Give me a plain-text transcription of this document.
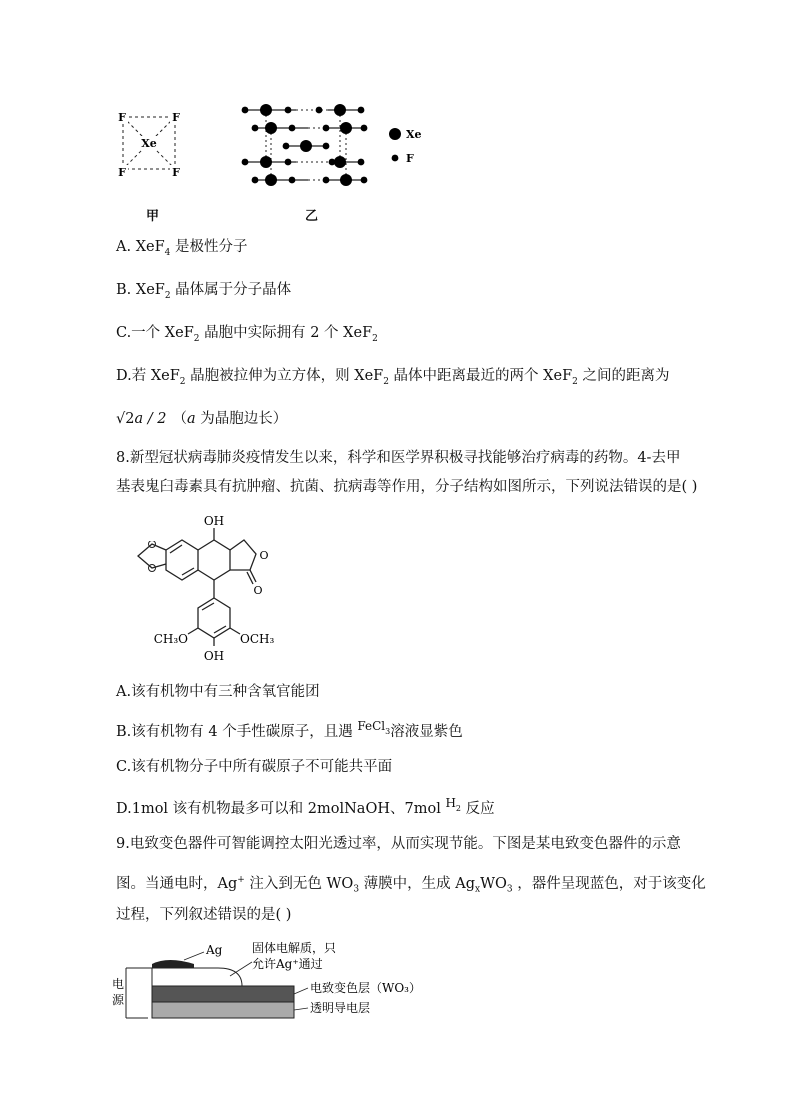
Xe
F	F
F	F
甲
Xe
F
乙
A. XeF$_4$ 是极性分子
B. XeF$_2$ 晶体属于分子晶体
C.一个 XeF$_2$ 晶胞中实际拥有 2 个 XeF$_2$
D.若 XeF$_2$ 晶胞被拉伸为立方体，则 XeF$_2$ 晶体中距离最近的两个 XeF$_2$ 之间的距离为
√2a / 2 （a 为晶胞边长）
8.新型冠状病毒肺炎疫情发生以来，科学和医学界积极寻找能够治疗病毒的药物。4-去甲
基表鬼臼毒素具有抗肿瘤、抗菌、抗病毒等作用，分子结构如图所示，下列说法错误的是( )
O
OH
O
CH₃O	OCH₃
OH
A.该有机物中有三种含氧官能团
B.该有机物有 4 个手性碳原子，且遇 $^{FeCl}_3$溶液显紫色
C.该有机物分子中所有碳原子不可能共平面
D.1mol 该有机物最多可以和 2molNaOH、7mol $^H_2$ 反应
9.电致变色器件可智能调控太阳光透过率，从而实现节能。下图是某电致变色器件的示意
图。当通电时，Ag+ 注入到无色 $WO_3$ 薄膜中，生成 $Ag_xWO_3$ ，器件呈现蓝色，对于该变化
过程，下列叙述错误的是( )
电
源
Ag 固体电解质，只
允许Ag⁺通过
电致变色层（WO₃）
透明导电层
